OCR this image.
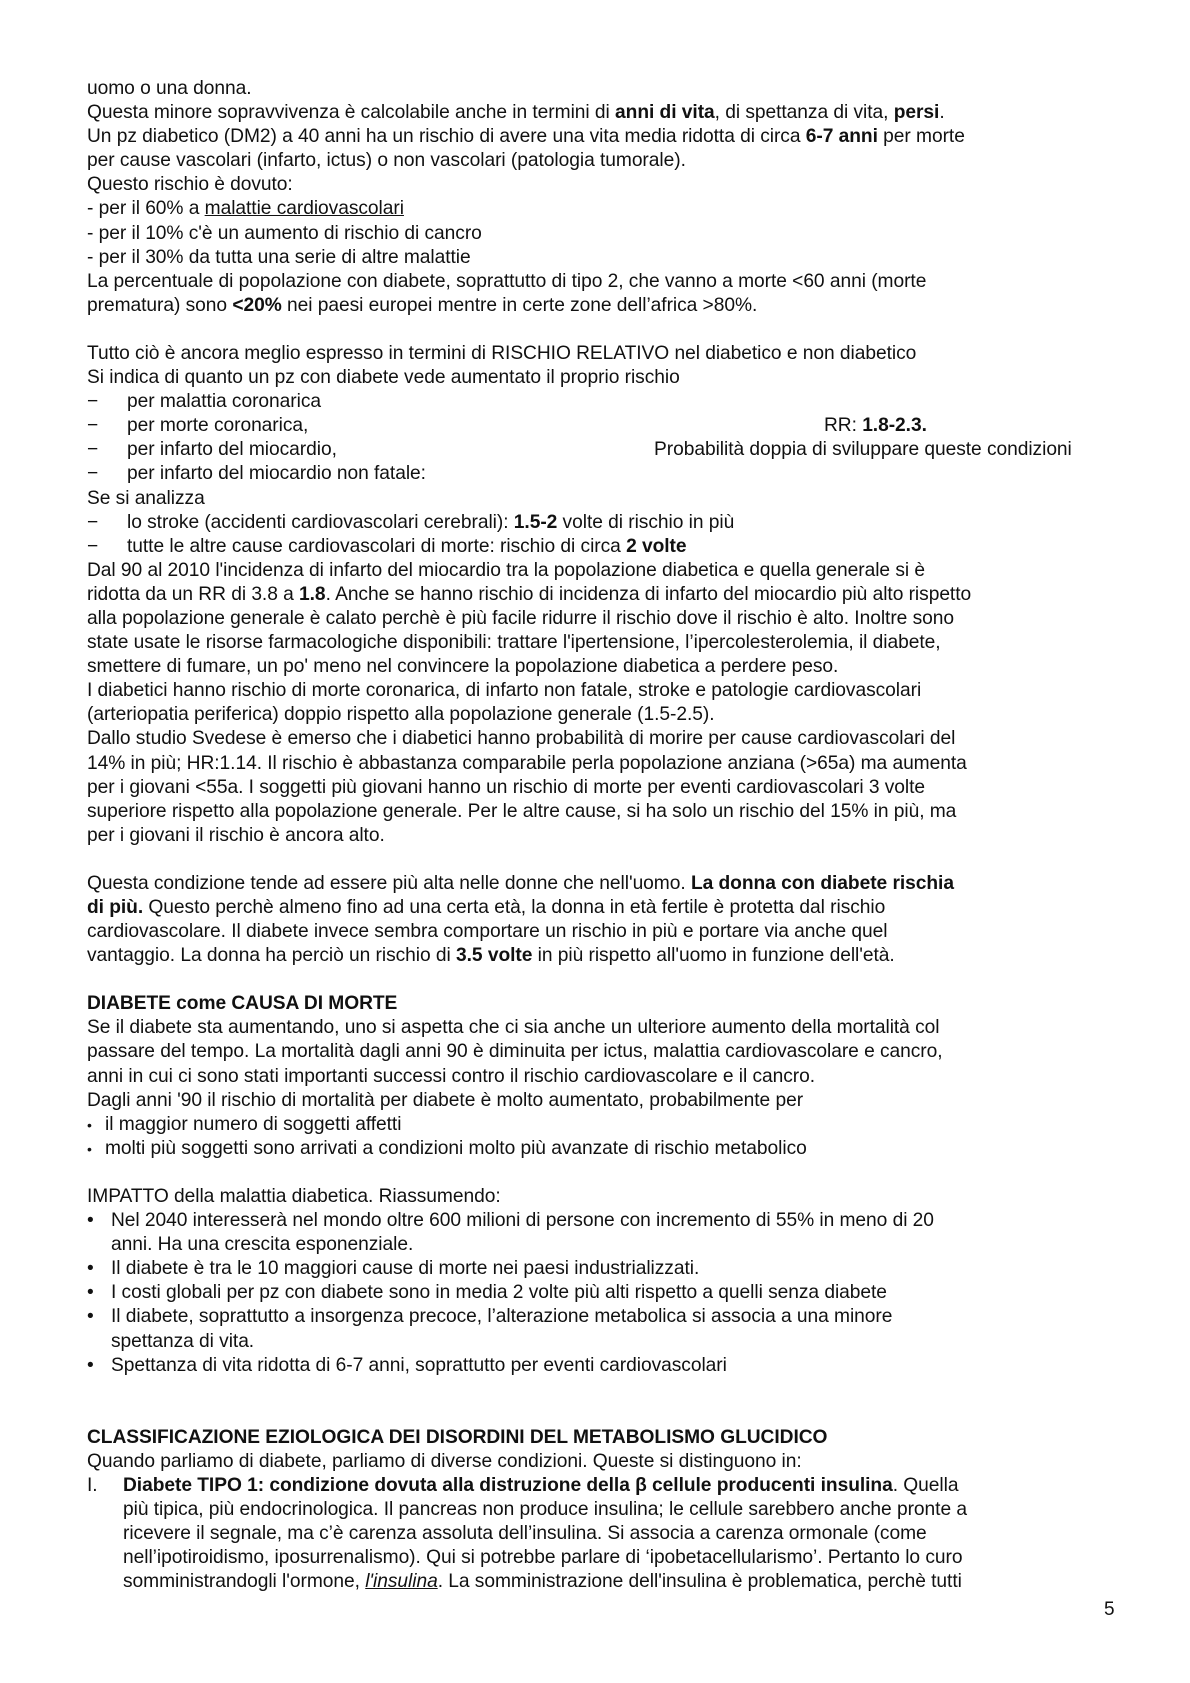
uomo o una donna.

Questa minore sopravvivenza è calcolabile anche in termini di anni di vita, di spettanza di vita, persi.

Un pz diabetico (DM2) a 40 anni ha un rischio di avere una vita media ridotta di circa 6-7 anni per morte

per cause vascolari (infarto, ictus) o non vascolari (patologia tumorale).

Questo rischio è dovuto:

- per il 60% a malattie cardiovascolari

- per il 10% c'è un aumento di rischio di cancro

- per il 30% da tutta una serie di altre malattie

La percentuale di popolazione con diabete, soprattutto di tipo 2, che vanno a morte <60 anni (morte

prematura) sono <20% nei paesi europei mentre in certe zone dell’africa >80%.

Tutto ciò è ancora meglio espresso in termini di RISCHIO RELATIVO nel diabetico e non diabetico

Si indica di quanto un pz con diabete vede aumentato il proprio rischio

−	per malattia coronarica
−	per morte coronarica,	RR: 1.8-2.3.
−	per infarto del miocardio,	Probabilità doppia di sviluppare queste condizioni
−	per infarto del miocardio non fatale:

Se si analizza

−	lo stroke (accidenti cardiovascolari cerebrali): 1.5-2 volte di rischio in più
−	tutte le altre cause cardiovascolari di morte: rischio di circa 2 volte

Dal 90 al 2010 l'incidenza di infarto del miocardio tra la popolazione diabetica e quella generale si è

ridotta da un RR di 3.8 a 1.8. Anche se hanno rischio di incidenza di infarto del miocardio più alto rispetto

alla popolazione generale è calato perchè è più facile ridurre il rischio dove il rischio è alto. Inoltre sono

state usate le risorse farmacologiche disponibili: trattare l'ipertensione, l’ipercolesterolemia, il diabete,

smettere di fumare, un po' meno nel convincere la popolazione diabetica a perdere peso.

I diabetici hanno rischio di morte coronarica, di infarto non fatale, stroke e patologie cardiovascolari

(arteriopatia periferica) doppio rispetto alla popolazione generale (1.5-2.5).

Dallo studio Svedese è emerso che i diabetici hanno probabilità di morire per cause cardiovascolari del

14% in più; HR:1.14. Il rischio è abbastanza comparabile perla popolazione anziana (>65a) ma aumenta

per i giovani <55a. I soggetti più giovani hanno un rischio di morte per eventi cardiovascolari 3 volte

superiore rispetto alla popolazione generale. Per le altre cause, si ha solo un rischio del 15% in più, ma

per i giovani il rischio è ancora alto.

Questa condizione tende ad essere più alta nelle donne che nell'uomo. La donna con diabete rischia

di più. Questo perchè almeno fino ad una certa età, la donna in età fertile è protetta dal rischio

cardiovascolare. Il diabete invece sembra comportare un rischio in più e portare via anche quel

vantaggio. La donna ha perciò un rischio di 3.5 volte in più rispetto all'uomo in funzione dell'età.

DIABETE come CAUSA DI MORTE

Se il diabete sta aumentando, uno si aspetta che ci sia anche un ulteriore aumento della mortalità col

passare del tempo. La mortalità dagli anni 90 è diminuita per ictus, malattia cardiovascolare e cancro,

anni in cui ci sono stati importanti successi contro il rischio cardiovascolare e il cancro.

Dagli anni '90 il rischio di mortalità per diabete è molto aumentato, probabilmente per

• il maggior numero di soggetti affetti
• molti più soggetti sono arrivati a condizioni molto più avanzate di rischio metabolico

IMPATTO della malattia diabetica. Riassumendo:

• Nel 2040 interesserà nel mondo oltre 600 milioni di persone con incremento di 55% in meno di 20
anni. Ha una crescita esponenziale.
• Il diabete è tra le 10 maggiori cause di morte nei paesi industrializzati.
• I costi globali per pz con diabete sono in media 2 volte più alti rispetto a quelli senza diabete
• Il diabete, soprattutto a insorgenza precoce, l’alterazione metabolica si associa a una minore
spettanza di vita.
• Spettanza di vita ridotta di 6-7 anni, soprattutto per eventi cardiovascolari

CLASSIFICAZIONE EZIOLOGICA DEI DISORDINI DEL METABOLISMO GLUCIDICO

Quando parliamo di diabete, parliamo di diverse condizioni. Queste si distinguono in:

I.	Diabete TIPO 1: condizione dovuta alla distruzione della β cellule producenti insulina. Quella
più tipica, più endocrinologica. Il pancreas non produce insulina; le cellule sarebbero anche pronte a
ricevere il segnale, ma c’è carenza assoluta dell’insulina. Si associa a carenza ormonale (come
nell’ipotiroidismo, iposurrenalismo). Qui si potrebbe parlare di ‘ipobetacellularismo’. Pertanto lo curo
somministrandogli l'ormone, l'insulina. La somministrazione dell'insulina è problematica, perchè tutti
5
